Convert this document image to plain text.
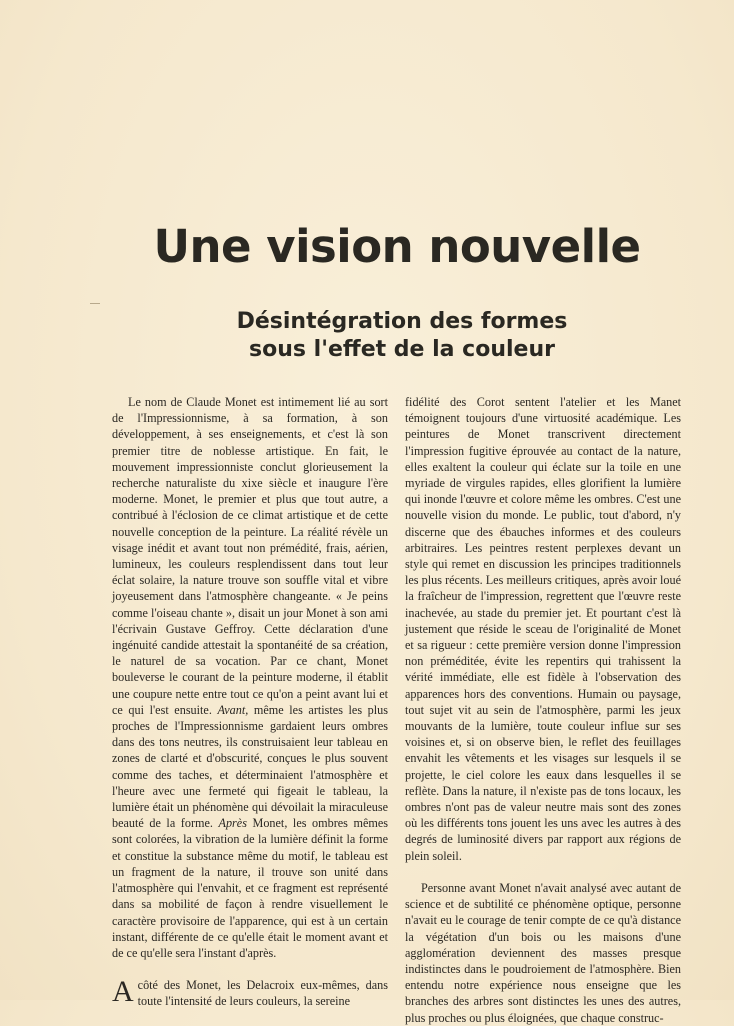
Une vision nouvelle
Désintégration des formes
sous l'effet de la couleur

Le nom de Claude Monet est intimement lié au sort de l'Impressionnisme, à sa formation, à son développement, à ses enseignements, et c'est là son premier titre de noblesse artistique. En fait, le mouvement impressionniste conclut glorieusement la recherche naturaliste du xixe siècle et inaugure l'ère moderne. Monet, le premier et plus que tout autre, a contribué à l'éclosion de ce climat artistique et de cette nouvelle conception de la peinture. La réalité révèle un visage inédit et avant tout non prémédité, frais, aérien, lumineux, les couleurs resplendissent dans tout leur éclat solaire, la nature trouve son souffle vital et vibre joyeusement dans l'atmosphère changeante. « Je peins comme l'oiseau chante », disait un jour Monet à son ami l'écrivain Gustave Geffroy. Cette déclaration d'une ingénuité candide attestait la spontanéité de sa création, le naturel de sa vocation. Par ce chant, Monet bouleverse le courant de la peinture moderne, il établit une coupure nette entre tout ce qu'on a peint avant lui et ce qui l'est ensuite. Avant, même les artistes les plus proches de l'Impressionnisme gardaient leurs ombres dans des tons neutres, ils construisaient leur tableau en zones de clarté et d'obscurité, conçues le plus souvent comme des taches, et déterminaient l'atmosphère et l'heure avec une fermeté qui figeait le tableau, la lumière était un phénomène qui dévoilait la miraculeuse beauté de la forme. Après Monet, les ombres mêmes sont colorées, la vibration de la lumière définit la forme et constitue la substance même du motif, le tableau est un fragment de la nature, il trouve son unité dans l'atmosphère qui l'envahit, et ce fragment est représenté dans sa mobilité de façon à rendre visuellement le caractère provisoire de l'apparence, qui est à un certain instant, différente de ce qu'elle était le moment avant et de ce qu'elle sera l'instant d'après.

Acôté des Monet, les Delacroix eux-mêmes, dans toute l'intensité de leurs couleurs, la sereine

fidélité des Corot sentent l'atelier et les Manet témoignent toujours d'une virtuosité académique. Les peintures de Monet transcrivent directement l'impression fugitive éprouvée au contact de la nature, elles exaltent la couleur qui éclate sur la toile en une myriade de virgules rapides, elles glorifient la lumière qui inonde l'œuvre et colore même les ombres. C'est une nouvelle vision du monde. Le public, tout d'abord, n'y discerne que des ébauches informes et des couleurs arbitraires. Les peintres restent perplexes devant un style qui remet en discussion les principes traditionnels les plus récents. Les meilleurs critiques, après avoir loué la fraîcheur de l'impression, regrettent que l'œuvre reste inachevée, au stade du premier jet. Et pourtant c'est là justement que réside le sceau de l'originalité de Monet et sa rigueur : cette première version donne l'impression non préméditée, évite les repentirs qui trahissent la vérité immédiate, elle est fidèle à l'observation des apparences hors des conventions. Humain ou paysage, tout sujet vit au sein de l'atmosphère, parmi les jeux mouvants de la lumière, toute couleur influe sur ses voisines et, si on observe bien, le reflet des feuillages envahit les vêtements et les visages sur lesquels il se projette, le ciel colore les eaux dans lesquelles il se reflète. Dans la nature, il n'existe pas de tons locaux, les ombres n'ont pas de valeur neutre mais sont des zones où les différents tons jouent les uns avec les autres à des degrés de luminosité divers par rapport aux régions de plein soleil.

Personne avant Monet n'avait analysé avec autant de science et de subtilité ce phénomène optique, personne n'avait eu le courage de tenir compte de ce qu'à distance la végétation d'un bois ou les maisons d'une agglomération deviennent des masses presque indistinctes dans le poudroiement de l'atmosphère. Bien entendu notre expérience nous enseigne que les branches des arbres sont distinctes les unes des autres, plus proches ou plus éloignées, que chaque construc-
